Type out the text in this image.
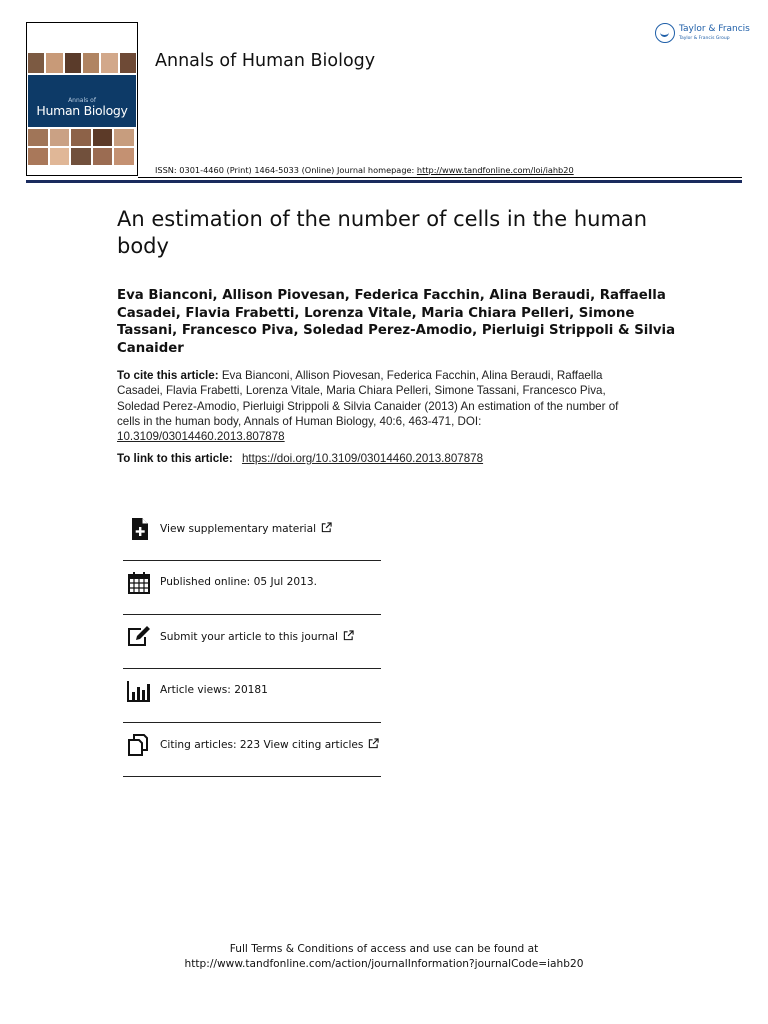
Annals of
Human Biology
Annals of Human Biology
Taylor & Francis
Taylor & Francis Group
ISSN: 0301-4460 (Print) 1464-5033 (Online) Journal homepage: http://www.tandfonline.com/loi/iahb20
An estimation of the number of cells in the human body
Eva Bianconi, Allison Piovesan, Federica Facchin, Alina Beraudi, Raffaella Casadei, Flavia Frabetti, Lorenza Vitale, Maria Chiara Pelleri, Simone Tassani, Francesco Piva, Soledad Perez-Amodio, Pierluigi Strippoli & Silvia Canaider
To cite this article: Eva Bianconi, Allison Piovesan, Federica Facchin, Alina Beraudi, Raffaella Casadei, Flavia Frabetti, Lorenza Vitale, Maria Chiara Pelleri, Simone Tassani, Francesco Piva, Soledad Perez-Amodio, Pierluigi Strippoli & Silvia Canaider (2013) An estimation of the number of cells in the human body, Annals of Human Biology, 40:6, 463-471, DOI: 10.3109/03014460.2013.807878
To link to this article: https://doi.org/10.3109/03014460.2013.807878
View supplementary material
Published online: 05 Jul 2013.
Submit your article to this journal
Article views: 20181
Citing articles: 223 View citing articles
Full Terms & Conditions of access and use can be found at
http://www.tandfonline.com/action/journalInformation?journalCode=iahb20
